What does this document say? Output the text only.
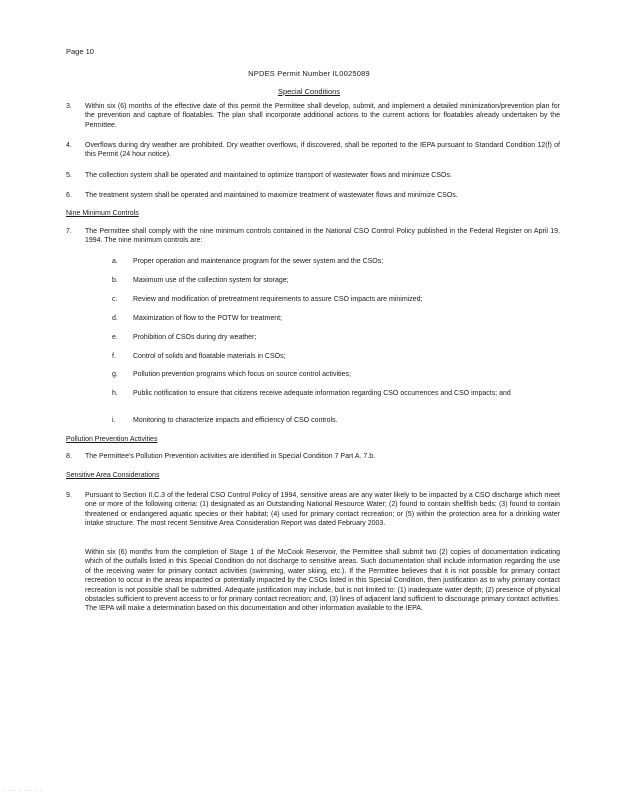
Page 10
NPDES Permit Number IL0025089
Special Conditions
3.	Within six (6) months of the effective date of this permit the Permittee shall develop, submit, and implement a detailed minimization/prevention plan for the prevention and capture of floatables. The plan shall incorporate additional actions to the current actions for floatables already undertaken by the Permittee.
4.	Overflows during dry weather are prohibited. Dry weather overflows, if discovered, shall be reported to the IEPA pursuant to Standard Condition 12(f) of this Permit (24 hour notice).
5.	The collection system shall be operated and maintained to optimize transport of wastewater flows and minimize CSOs.
6.	The treatment system shall be operated and maintained to maximize treatment of wastewater flows and minimize CSOs.
Nine Minimum Controls
7.	The Permittee shall comply with the nine minimum controls contained in the National CSO Control Policy published in the Federal Register on April 19, 1994. The nine minimum controls are:
a.	Proper operation and maintenance program for the sewer system and the CSOs;
b.	Maximum use of the collection system for storage;
c.	Review and modification of pretreatment requirements to assure CSO impacts are minimized;
d.	Maximization of flow to the POTW for treatment;
e.	Prohibition of CSOs during dry weather;
f.	Control of solids and floatable materials in CSOs;
g.	Pollution prevention programs which focus on source control activities;
h.	Public notification to ensure that citizens receive adequate information regarding CSO occurrences and CSO impacts; and
i.	Monitoring to characterize impacts and efficiency of CSO controls.
Pollution Prevention Activities
8.	The Permittee's Pollution Prevention activities are identified in Special Condition 7 Part A. 7.b.
Sensitive Area Considerations
9.	Pursuant to Section II.C.3 of the federal CSO Control Policy of 1994, sensitive areas are any water likely to be impacted by a CSO discharge which meet one or more of the following criteria: (1) designated as an Outstanding National Resource Water; (2) found to contain shellfish beds; (3) found to contain threatened or endangered aquatic species or their habitat; (4) used for primary contact recreation; or (5) within the protection area for a drinking water intake structure. The most recent Sensitive Area Consideration Report was dated February 2003.
Within six (6) months from the completion of Stage 1 of the McCook Reservoir, the Permittee shall submit two (2) copies of documentation indicating which of the outfalls listed in this Special Condition do not discharge to sensitive areas. Such documentation shall include information regarding the use of the receiving water for primary contact activities (swimming, water skiing, etc.). If the Permittee believes that it is not possible for primary contact recreation to occur in the areas impacted or potentially impacted by the CSOs listed in this Special Condition, then justification as to why primary contact recreation is not possible shall be submitted. Adequate justification may include, but is not limited to: (1) inadequate water depth; (2) presence of physical obstacles sufficient to prevent access to or for primary contact recreation; and, (3) lines of adjacent land sufficient to discourage primary contact activities. The IEPA will make a determination based on this documentation and other information available to the IEPA.
· · · · · · · ·
